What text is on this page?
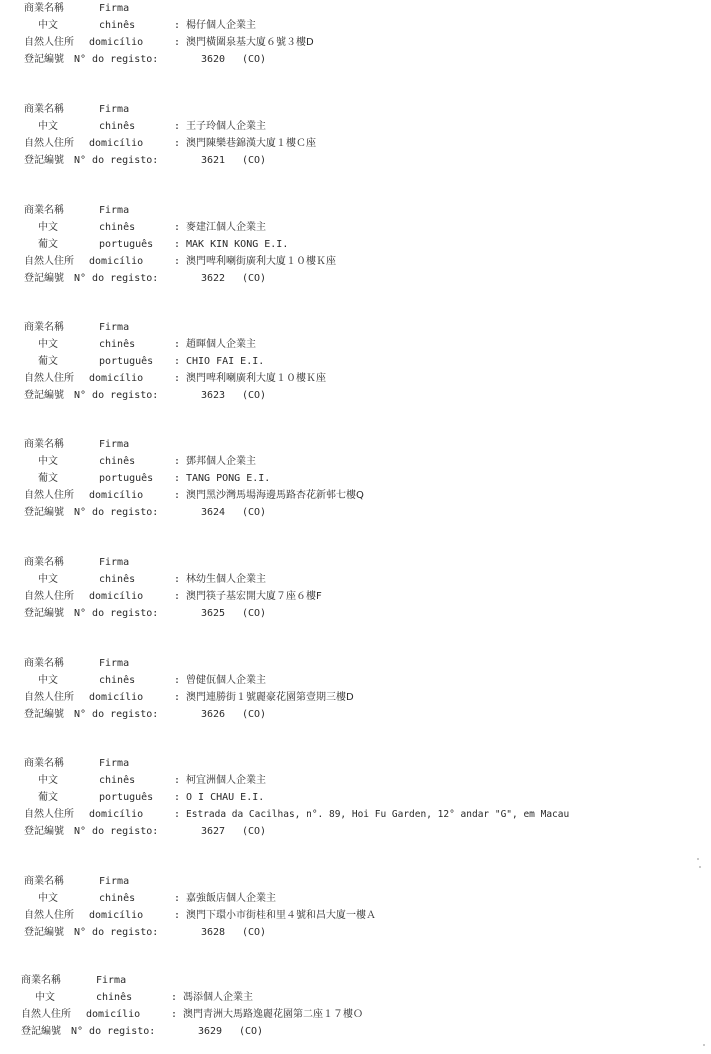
商業名稱	Firma
中文	chinês	: 楊仔個人企業主
自然人住所 domicílio	: 澳門橫圍泉基大廈６號３樓D
登記編號 N° do registo:	3620 (CO)
商業名稱	Firma
中文	chinês	: 王子玲個人企業主
自然人住所 domicílio	: 澳門陳樂巷錦漢大廈１樓Ｃ座
登記編號 N° do registo:	3621 (CO)
商業名稱	Firma
中文	chinês	: 麥建江個人企業主
葡文	português : MAK KIN KONG E.I.
自然人住所 domicílio	: 澳門啤利喇街廣利大廈１０樓Ｋ座
登記編號 N° do registo:	3622 (CO)
商業名稱	Firma
中文	chinês	: 趙暉個人企業主
葡文	português : CHIO FAI E.I.
自然人住所 domicílio	: 澳門啤利喇廣利大廈１０樓Ｋ座
登記編號 N° do registo:	3623 (CO)
商業名稱	Firma
中文	chinês	: 鄧邦個人企業主
葡文	português : TANG PONG E.I.
自然人住所 domicílio	: 澳門黑沙灣馬場海邊馬路杏花新邨七樓Q
登記編號 N° do registo:	3624 (CO)
商業名稱	Firma
中文	chinês	: 林幼生個人企業主
自然人住所 domicílio	: 澳門筷子基宏開大廈７座６樓F
登記編號 N° do registo:	3625 (CO)
商業名稱	Firma
中文	chinês	: 曾健佤個人企業主
自然人住所 domicílio	: 澳門連勝街１號麗豪花園第壹期三樓D
登記編號 N° do registo:	3626 (CO)
商業名稱	Firma
中文	chinês	: 柯宜洲個人企業主
葡文	português : O I CHAU E.I.
自然人住所 domicílio	: Estrada da Cacilhas, n°. 89, Hoi Fu Garden, 12° andar "G", em Macau
登記編號 N° do registo:	3627 (CO)
商業名稱	Firma
中文	chinês	: 嘉強飯店個人企業主
自然人住所 domicílio	: 澳門下環小市街桂和里４號和昌大廈一樓Ａ
登記編號 N° do registo:	3628 (CO)
商業名稱	Firma
中文	chinês	: 馮添個人企業主
自然人住所 domicílio	: 澳門青洲大馬路逸麗花園第二座１７樓Ｏ
登記編號 N° do registo:	3629 (CO)
